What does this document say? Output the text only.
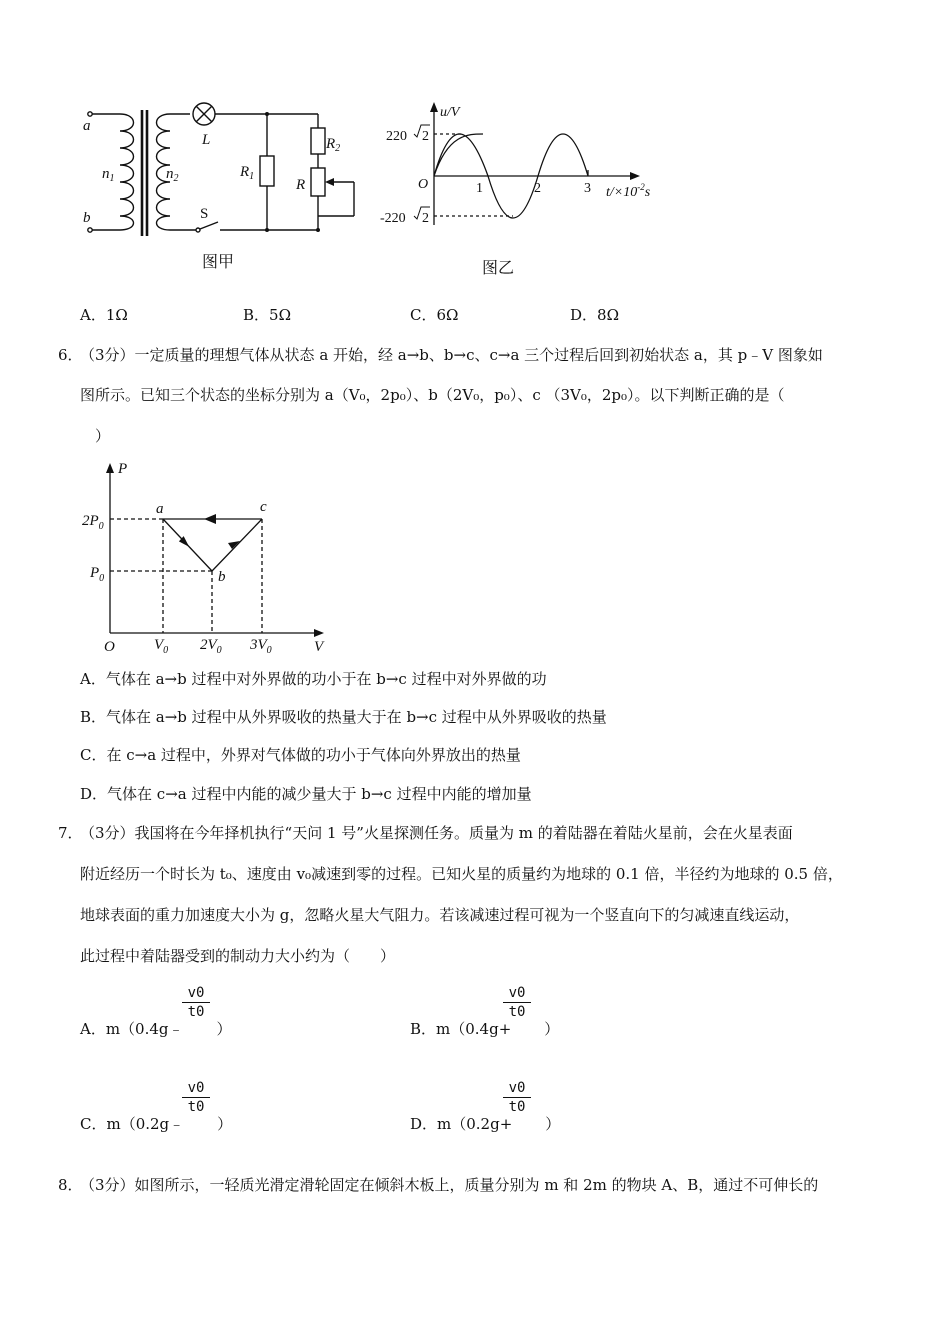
a
b
$n_1$	$n_2$
L
S
$R_1$
$R_2$
R
图甲
u/V
O	1	2	3 $t/\times 10^{-2}s$
220 2
-220 2
图乙
A．1Ω	B．5Ω	C．6Ω	D．8Ω
6．
（3分）一定质量的理想气体从状态 a 开始，经 a→b、b→c、c→a 三个过程后回到初始状态 a，其 p﹣V 图象如
图所示。已知三个状态的坐标分别为 a（V₀，2p₀）、b（2V₀，p₀）、c （3V₀，2p₀）。以下判断正确的是（
）
P
V
O
$2P_0$
$P_0$
$V_0$ $2V_0$ $3V_0$
a
b
c
A．气体在 a→b 过程中对外界做的功小于在 b→c 过程中对外界做的功
B．气体在 a→b 过程中从外界吸收的热量大于在 b→c 过程中从外界吸收的热量
C．在 c→a 过程中，外界对气体做的功小于气体向外界放出的热量
D．气体在 c→a 过程中内能的减少量大于 b→c 过程中内能的增加量
7．
（3分）我国将在今年择机执行“天问 1 号”火星探测任务。质量为 m 的着陆器在着陆火星前，会在火星表面
附近经历一个时长为 t₀、速度由 v₀减速到零的过程。已知火星的质量约为地球的 0.1 倍，半径约为地球的 0.5 倍，
地球表面的重力加速度大小为 g，忽略火星大气阻力。若该减速过程可视为一个竖直向下的匀减速直线运动，
此过程中着陆器受到的制动力大小约为（　　）
A．m（0.4g﹣ ）
v0
t0
B．m（0.4g+ ）
v0
t0
C．m（0.2g﹣ ）
v0
t0
D．m（0.2g+ ）
v0
t0
8．
（3分）如图所示，一轻质光滑定滑轮固定在倾斜木板上，质量分别为 m 和 2m 的物块 A、B，通过不可伸长的
